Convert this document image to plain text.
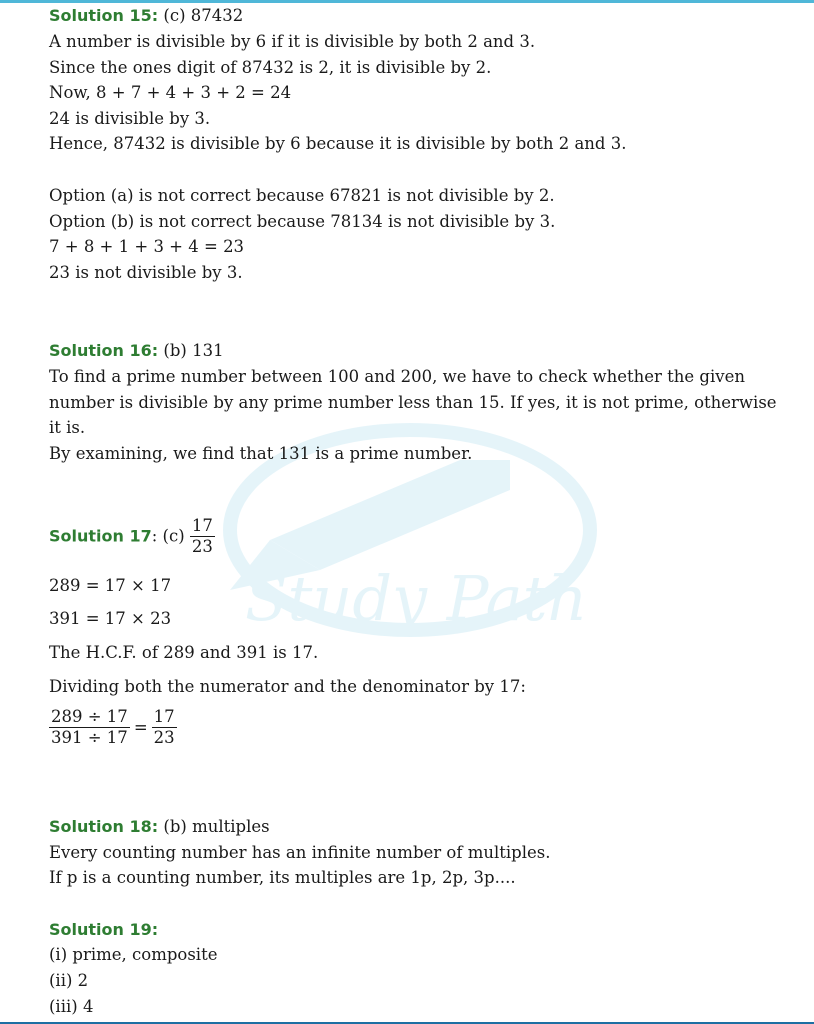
Study Path
Solution 15: (c) 87432
A number is divisible by 6 if it is divisible by both 2 and 3.
Since the ones digit of 87432 is 2, it is divisible by 2.
Now, 8 + 7 + 4 + 3 + 2 = 24
24 is divisible by 3.
Hence, 87432 is divisible by 6 because it is divisible by both 2 and 3.
Option (a) is not correct because 67821 is not divisible by 2.
Option (b) is not correct because 78134 is not divisible by 3.
7 + 8 + 1 + 3 + 4 = 23
23 is not divisible by 3.
Solution 16: (b) 131
To find a prime number between 100 and 200, we have to check whether the given
number is divisible by any prime number less than 15. If yes, it is not prime, otherwise
it is.
By examining, we find that 131 is a prime number.
Solution 17: $(c) \frac{17}{23}$
289 = 17 × 17
391 = 17 × 23
The H.C.F. of 289 and 391 is 17.
Dividing both the numerator and the denominator by 17:
$\frac{289 \div 17}{391 \div 17} = \frac{17}{23}$
Solution 18: (b) multiples
Every counting number has an infinite number of multiples.
If p is a counting number, its multiples are 1p, 2p, 3p....
Solution 19:
(i) prime, composite
(ii) 2
(iii) 4
